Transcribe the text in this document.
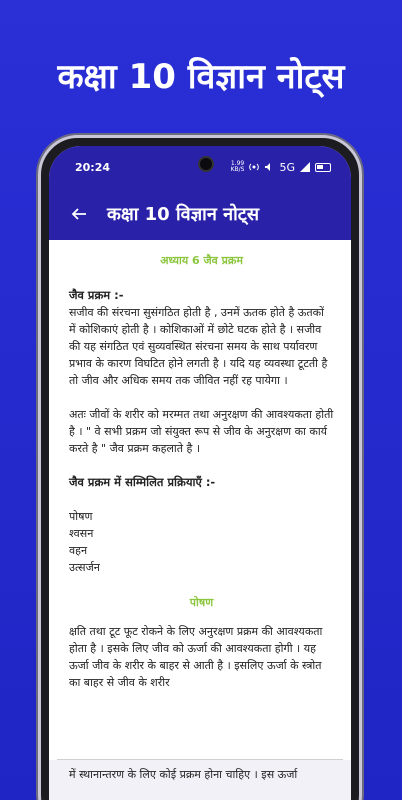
कक्षा 10 विज्ञान नोट्स
20:24	1.99
KB/S	5G
कक्षा 10 विज्ञान नोट्स
अध्याय 6 जैव प्रक्रम
जैव प्रक्रम :-
सजीव की संरचना सुसंगठित होती है , उनमें ऊतक होते है ऊतकों में कोशिकाएं होती है । कोशिकाओं में छोटे घटक होते है । सजीव की यह संगठित एवं सुव्यवस्थित संरचना समय के साथ पर्यावरण प्रभाव के कारण विघटित होने लगती है । यदि यह व्यवस्था टूटती है तो जीव और अधिक समय तक जीवित नहीं रह पायेगा ।
अतः जीवों के शरीर को मरम्मत तथा अनुरक्षण की आवश्यकता होती है । " वे सभी प्रक्रम जो संयुक्त रूप से जीव के अनुरक्षण का कार्य करते है " जैव प्रक्रम कहलाते है ।
जैव प्रक्रम में सम्मिलित प्रक्रियाएँ :-
पोषण
श्वसन
वहन
उत्सर्जन
पोषण
क्षति तथा टूट फूट रोकने के लिए अनुरक्षण प्रक्रम की आवश्यकता होता है । इसके लिए जीव को ऊर्जा की आवश्यकता होगी । यह ऊर्जा जीव के शरीर के बाहर से आती है । इसलिए ऊर्जा के स्त्रोत का बाहर से जीव के शरीर
में स्थानान्तरण के लिए कोई प्रक्रम होना चाहिए । इस ऊर्जा
